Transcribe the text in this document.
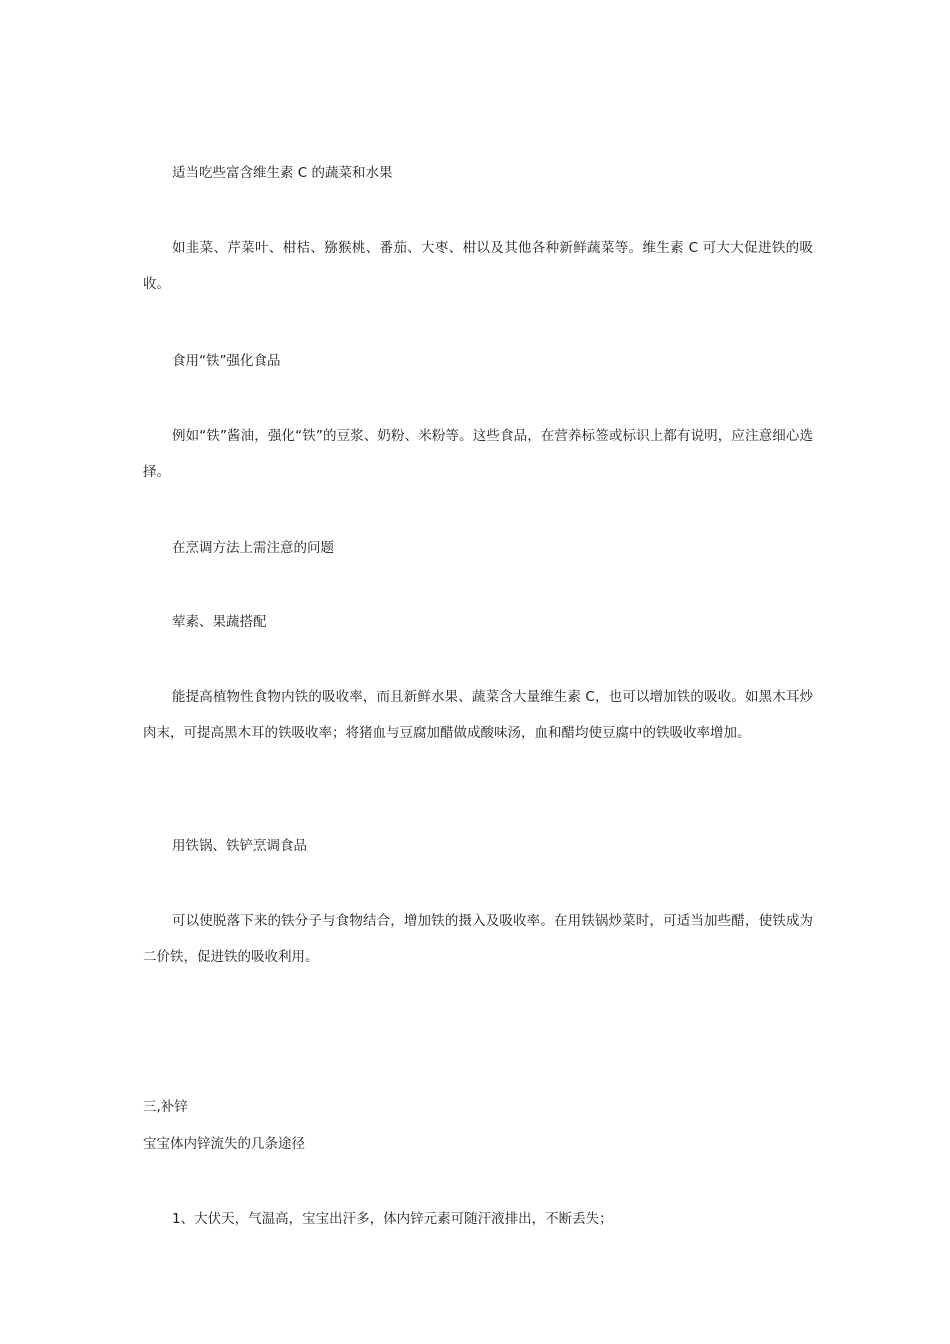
适当吃些富含维生素 C 的蔬菜和水果

如韭菜、芹菜叶、柑桔、猕猴桃、番茄、大枣、柑以及其他各种新鲜蔬菜等。维生素 C 可大大促进铁的吸收。

食用“铁”强化食品

例如“铁”酱油，强化“铁”的豆浆、奶粉、米粉等。这些食品，在营养标签或标识上都有说明，应注意细心选择。

在烹调方法上需注意的问题

荤素、果蔬搭配

能提高植物性食物内铁的吸收率，而且新鲜水果、蔬菜含大量维生素 C，也可以增加铁的吸收。如黑木耳炒肉末，可提高黑木耳的铁吸收率；将猪血与豆腐加醋做成酸味汤，血和醋均使豆腐中的铁吸收率增加。

用铁锅、铁铲烹调食品

可以使脱落下来的铁分子与食物结合，增加铁的摄入及吸收率。在用铁锅炒菜时，可适当加些醋，使铁成为二价铁，促进铁的吸收利用。

三,补锌

宝宝体内锌流失的几条途径

1、大伏天，气温高，宝宝出汗多，体内锌元素可随汗液排出，不断丢失；
